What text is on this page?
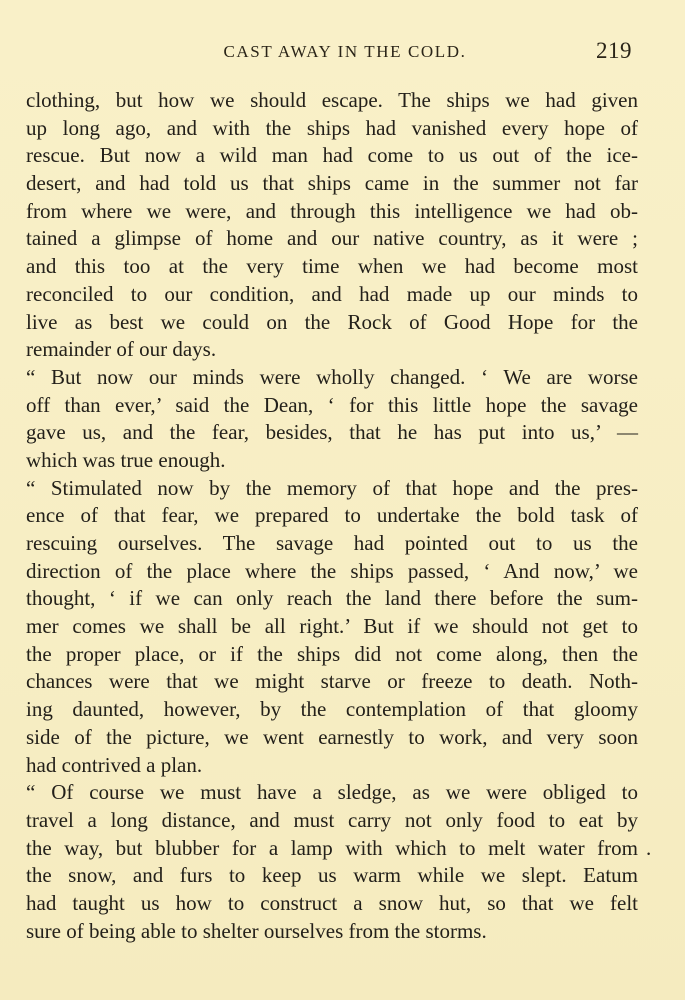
CAST AWAY IN THE COLD.	219
clothing, but how we should escape. The ships we had given
up long ago, and with the ships had vanished every hope of
rescue. But now a wild man had come to us out of the ice-
desert, and had told us that ships came in the summer not far
from where we were, and through this intelligence we had ob-
tained a glimpse of home and our native country, as it were ;
and this too at the very time when we had become most
reconciled to our condition, and had made up our minds to
live as best we could on the Rock of Good Hope for the
remainder of our days.
“ But now our minds were wholly changed. ‘ We are worse
off than ever,’ said the Dean, ‘ for this little hope the savage
gave us, and the fear, besides, that he has put into us,’ —
which was true enough.
“ Stimulated now by the memory of that hope and the pres-
ence of that fear, we prepared to undertake the bold task of
rescuing ourselves. The savage had pointed out to us the
direction of the place where the ships passed, ‘ And now,’ we
thought, ‘ if we can only reach the land there before the sum-
mer comes we shall be all right.’ But if we should not get to
the proper place, or if the ships did not come along, then the
chances were that we might starve or freeze to death. Noth-
ing daunted, however, by the contemplation of that gloomy
side of the picture, we went earnestly to work, and very soon
had contrived a plan.
“ Of course we must have a sledge, as we were obliged to
travel a long distance, and must carry not only food to eat by
the way, but blubber for a lamp with which to melt water from
the snow, and furs to keep us warm while we slept. Eatum
had taught us how to construct a snow hut, so that we felt
sure of being able to shelter ourselves from the storms.
.
